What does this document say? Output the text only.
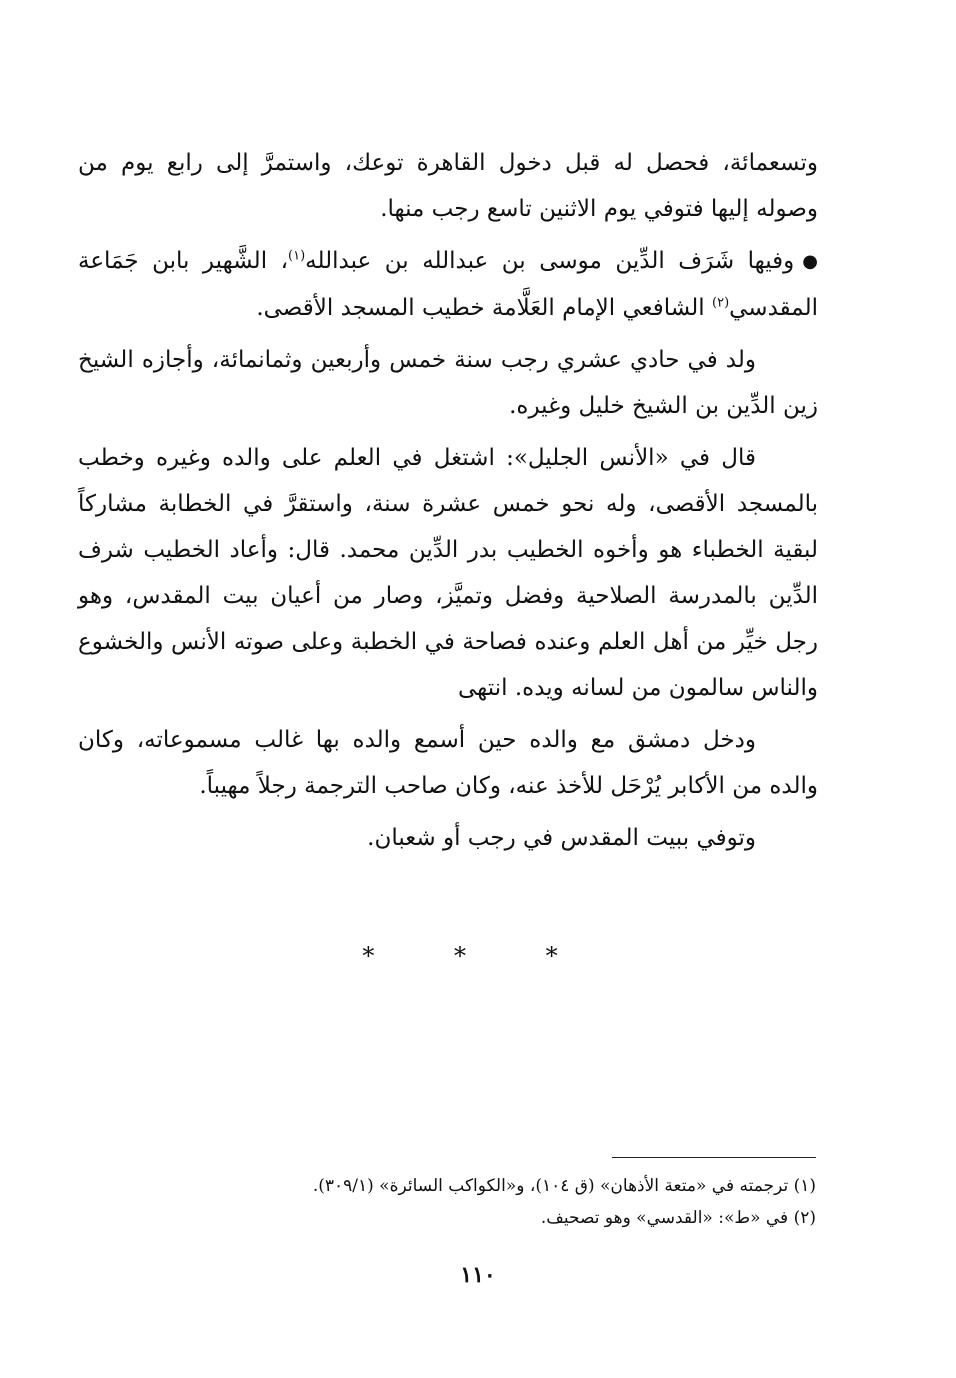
وتسعمائة، فحصل له قبل دخول القاهرة توعك، واستمرَّ إلى رابع يوم من وصوله إليها فتوفي يوم الاثنين تاسع رجب منها.

●وفيها شَرَف الدِّين موسى بن عبدالله بن عبدالله$^{(١)}$، الشَّهير بابن جَمَاعة المقدسي$^{(٢)}$ الشافعي الإمام العَلَّامة خطيب المسجد الأقصى.

ولد في حادي عشري رجب سنة خمس وأربعين وثمانمائة، وأجازه الشيخ زين الدِّين بن الشيخ خليل وغيره.

قال في «الأنس الجليل»: اشتغل في العلم على والده وغيره وخطب بالمسجد الأقصى، وله نحو خمس عشرة سنة، واستقرَّ في الخطابة مشاركاً لبقية الخطباء هو وأخوه الخطيب بدر الدِّين محمد. قال: وأعاد الخطيب شرف الدِّين بالمدرسة الصلاحية وفضل وتميَّز، وصار من أعيان بيت المقدس، وهو رجل خيِّر من أهل العلم وعنده فصاحة في الخطبة وعلى صوته الأنس والخشوع والناس سالمون من لسانه ويده. انتهى

ودخل دمشق مع والده حين أسمع والده بها غالب مسموعاته، وكان والده من الأكابر يُرْحَل للأخذ عنه، وكان صاحب الترجمة رجلاً مهيباً.

وتوفي ببيت المقدس في رجب أو شعبان.

* * *

(١) ترجمته في «متعة الأذهان» (ق ١٠٤)، و«الكواكب السائرة» (٣٠٩/١).

(٢) في «ط»: «القدسي» وهو تصحيف.

١١٠
